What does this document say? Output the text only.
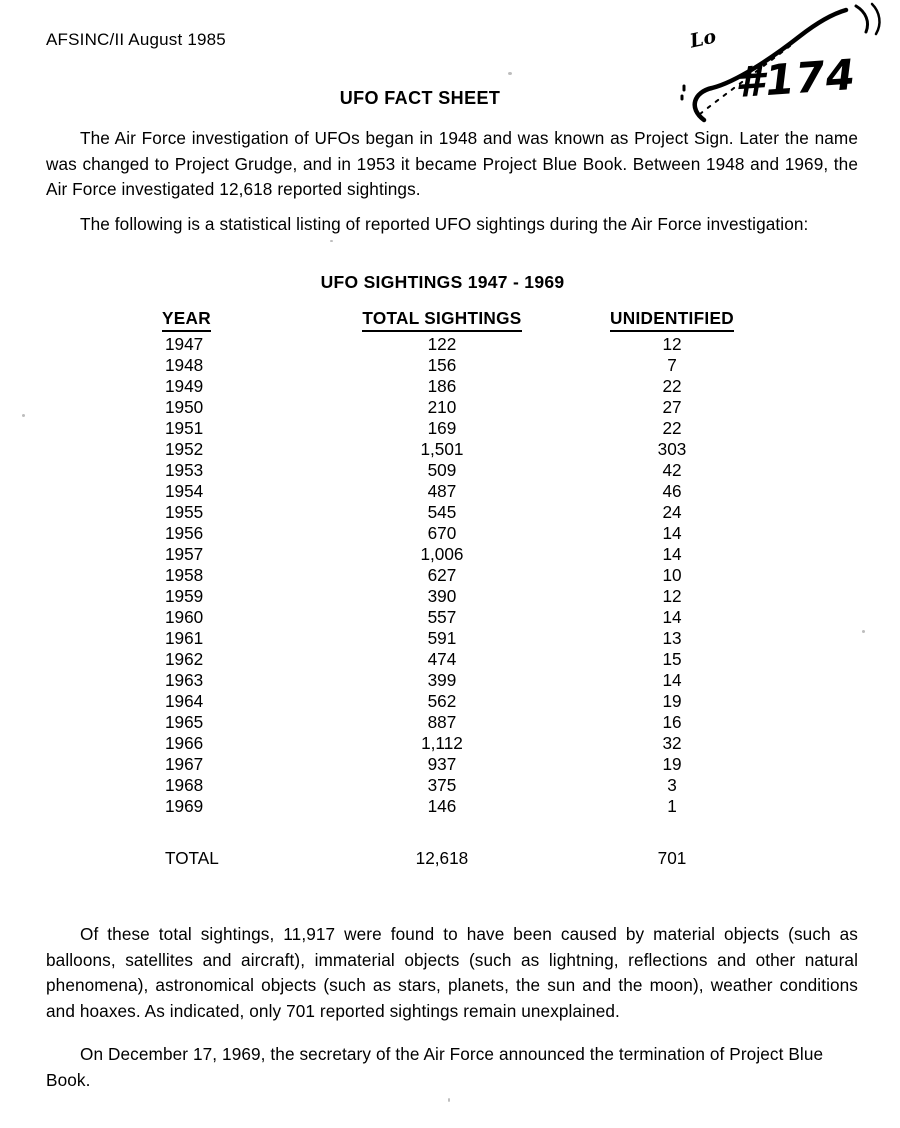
AFSINC/II August 1985	Lo
#174
UFO FACT SHEET
The Air Force investigation of UFOs began in 1948 and was known as Project Sign. Later the name was changed to Project Grudge, and in 1953 it became Project Blue Book. Between 1948 and 1969, the Air Force investigated 12,618 reported sightings.
The following is a statistical listing of reported UFO sightings during the Air Force investigation:
UFO SIGHTINGS 1947 - 1969
YEAR	TOTAL SIGHTINGS	UNIDENTIFIED
1947	122	12
1948	156	7
1949	186	22
1950	210	27
1951	169	22
1952	1,501	303
1953	509	42
1954	487	46
1955	545	24
1956	670	14
1957	1,006	14
1958	627	10
1959	390	12
1960	557	14
1961	591	13
1962	474	15
1963	399	14
1964	562	19
1965	887	16
1966	1,112	32
1967	937	19
1968	375	3
1969	146	1

TOTAL	12,618	701
Of these total sightings, 11,917 were found to have been caused by material objects (such as balloons, satellites and aircraft), immaterial objects (such as lightning, reflections and other natural phenomena), astronomical objects (such as stars, planets, the sun and the moon), weather conditions and hoaxes. As indicated, only 701 reported sightings remain unexplained.
On December 17, 1969, the secretary of the Air Force announced the termination of Project Blue Book.
